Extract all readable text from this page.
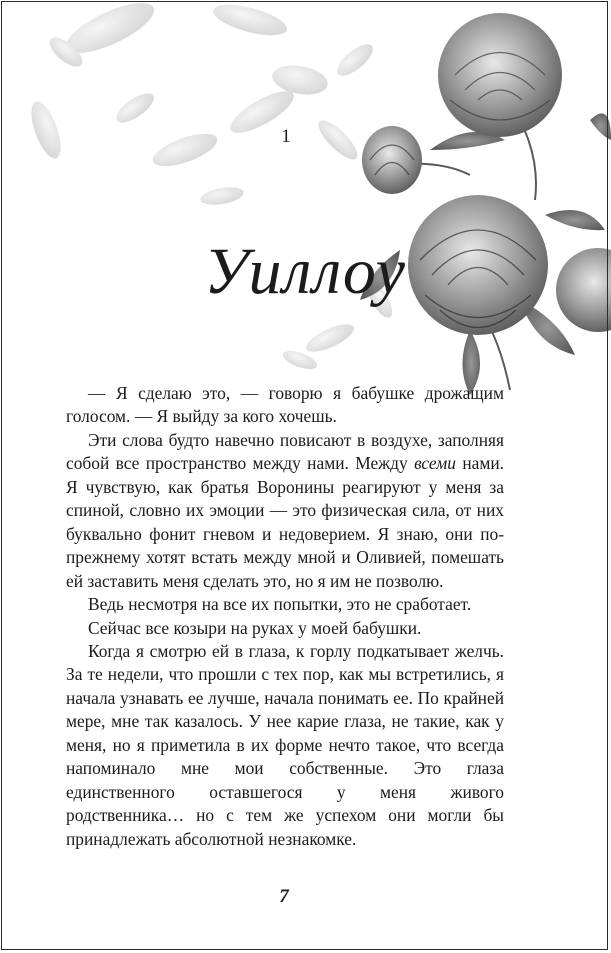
1
Уиллоу

— Я сделаю это, — говорю я бабушке дрожащим голосом. — Я выйду за кого хочешь.

Эти слова будто навечно повисают в воздухе, заполняя собой все пространство между нами. Между всеми нами. Я чувствую, как братья Воронины реагируют у меня за спиной, словно их эмоции — это физическая сила, от них буквально фонит гневом и недоверием. Я знаю, они по-прежнему хотят встать между мной и Оливией, помешать ей заставить меня сделать это, но я им не позволю.

Ведь несмотря на все их попытки, это не сработает.

Сейчас все козыри на руках у моей бабушки.

Когда я смотрю ей в глаза, к горлу подкатывает желчь. За те недели, что прошли с тех пор, как мы встретились, я начала узнавать ее лучше, начала понимать ее. По крайней мере, мне так казалось. У нее карие глаза, не такие, как у меня, но я приметила в их форме нечто такое, что всегда напоминало мне мои собственные. Это глаза единственного оставшегося у меня живого родственника… но с тем же успехом они могли бы принадлежать абсолютной незнакомке.

7
